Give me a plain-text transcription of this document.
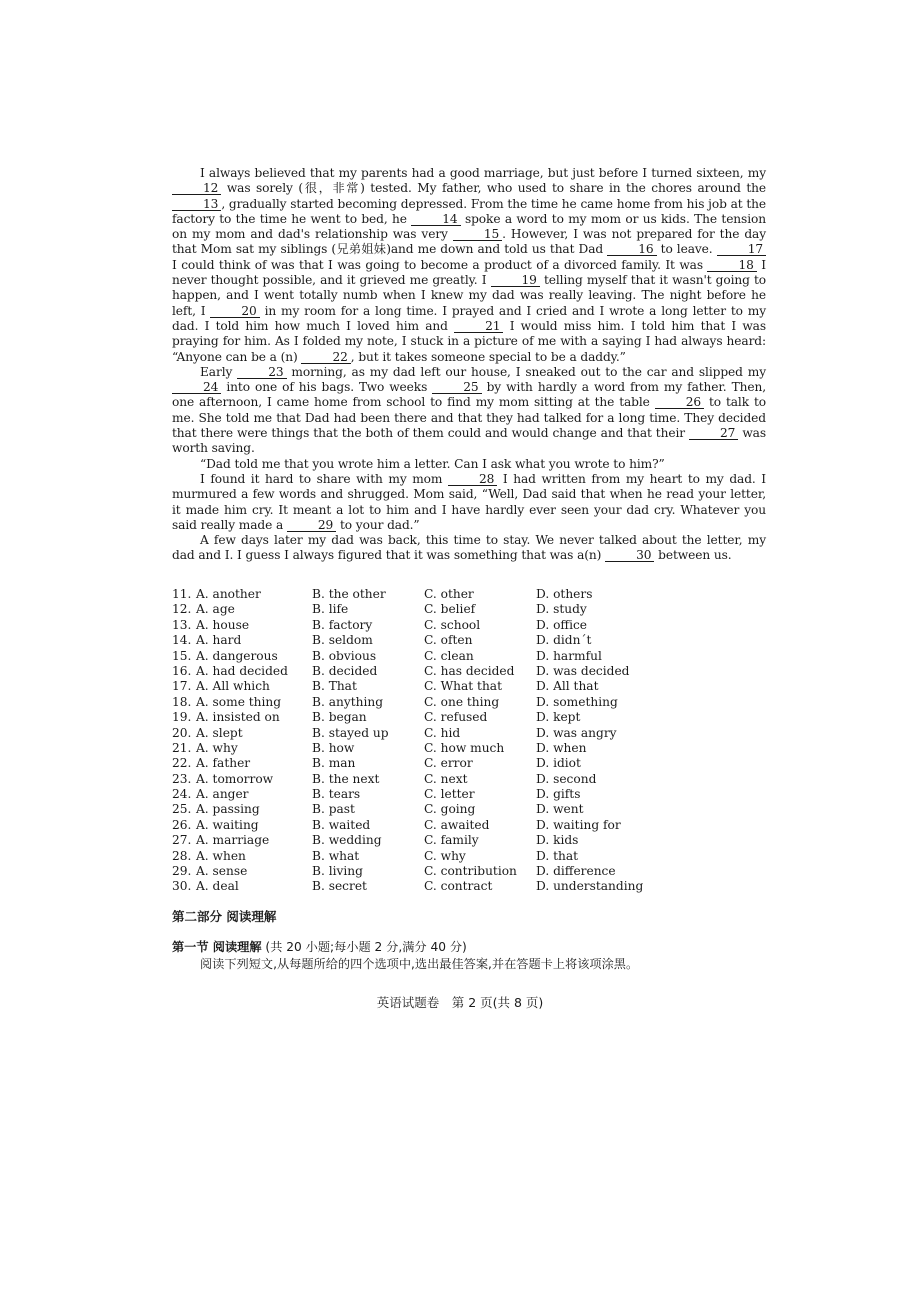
I always believed that my parents had a good marriage, but just before I turned sixteen, my 12 was sorely (很，非常) tested. My father, who used to share in the chores around the 13 , gradually started becoming depressed. From the time he came home from his job at the factory to the time he went to bed, he	14 spoke a word to my mom or us kids. The tension on my mom and dad's relationship was very	15 . However, I was not prepared for the day that Mom sat my siblings (兄弟姐妹)and me down and told us that Dad	16 to leave.	17 I could think of was that I was going to become a product of a divorced family. It was	18 I never thought possible, and it grieved me greatly. I	19 telling myself that it wasn't going to happen, and I went totally numb when I knew my dad was really leaving. The night before he left, I	20 in my room for a long time. I prayed and I cried and I wrote a long letter to my dad. I told him how much I loved him and	21 I would miss him. I told him that I was praying for him. As I folded my note, I stuck in a picture of me with a saying I had always heard: “Anyone can be a (n)	22 , but it takes someone special to be a daddy.”

Early	23 morning, as my dad left our house, I sneaked out to the car and slipped my 24 into one of his bags. Two weeks	25 by with hardly a word from my father. Then, one afternoon, I came home from school to find my mom sitting at the table	26 to talk to me. She told me that Dad had been there and that they had talked for a long time. They decided that there were things that the both of them could and would change and that their	27 was worth saving.

“Dad told me that you wrote him a letter. Can I ask what you wrote to him?”

I found it hard to share with my mom	28 I had written from my heart to my dad. I murmured a few words and shrugged. Mom said, “Well, Dad said that when he read your letter, it made him cry. It meant a lot to him and I have hardly ever seen your dad cry. Whatever you said really made a	29 to your dad.”

A few days later my dad was back, this time to stay. We never talked about the letter, my dad and I. I guess I always figured that it was something that was a(n)	30 between us.

11. A. another	B. the other	C. other	D. others
12. A. age	B. life	C. belief	D. study
13. A. house	B. factory	C. school	D. office
14. A. hard	B. seldom	C. often	D. didn´t
15. A. dangerous	B. obvious	C. clean	D. harmful
16. A. had decided	B. decided	C. has decided	D. was decided
17. A. All which	B. That	C. What that	D. All that
18. A. some thing	B. anything	C. one thing	D. something
19. A. insisted on	B. began	C. refused	D. kept
20. A. slept	B. stayed up	C. hid	D. was angry
21. A. why	B. how	C. how much	D. when
22. A. father	B. man	C. error	D. idiot
23. A. tomorrow	B. the next	C. next	D. second
24. A. anger	B. tears	C. letter	D. gifts
25. A. passing	B. past	C. going	D. went
26. A. waiting	B. waited	C. awaited	D. waiting for
27. A. marriage	B. wedding	C. family	D. kids
28. A. when	B. what	C. why	D. that
29. A. sense	B. living	C. contribution	D. difference
30. A. deal	B. secret	C. contract	D. understanding
第二部分 阅读理解
第一节 阅读理解 (共 20 小题;每小题 2 分,满分 40 分)
阅读下列短文,从每题所给的四个选项中,选出最佳答案,并在答题卡上将该项涂黑。
英语试题卷　第 2 页(共 8 页)
